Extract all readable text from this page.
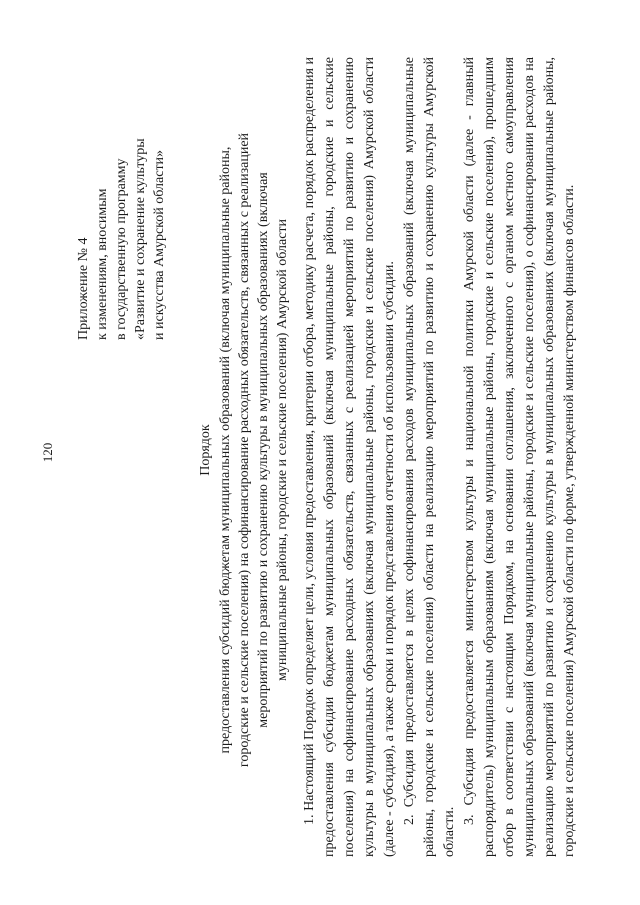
120
Приложение № 4 к изменениям, вносимым в государственную программу «Развитие и сохранение культуры и искусства Амурской области»
Порядок предоставления субсидий бюджетам муниципальных образований (включая муниципальные районы, городские и сельские поселения) на софинансирование расходных обязательств, связанных с реализацией мероприятий по развитию и сохранению культуры в муниципальных образованиях (включая муниципальные районы, городские и сельские поселения) Амурской области 1. Настоящий Порядок определяет цели, условия предоставления, критерии отбора, методику расчета, порядок распределения и предоставления субсидии бюджетам муниципальных образований (включая муниципальные районы, городские и сельские поселения) на софинансирование расходных обязательств, связанных с реализацией мероприятий по развитию и сохранению культуры в муниципальных образованиях (включая муниципальные районы, городские и сельские поселения) Амурской области (далее - субсидия), а также сроки и порядок представления отчетности об использовании субсидии. 2. Субсидия предоставляется в целях софинансирования расходов муниципальных образований (включая муниципальные районы, городские и сельские поселения) области на реализацию мероприятий по развитию и сохранению культуры Амурской области.

3. Субсидия предоставляется министерством культуры и национальной политики Амурской области (далее - главный распорядитель) муниципальным образованиям (включая муниципальные районы, городские и сельские поселения), прошедшим отбор в соответствии с настоящим Порядком, на основании соглашения, заключенного с органом местного самоуправления муниципальных образований (включая муниципальные районы, городские и сельские поселения), о софинансировании расходов на реализацию мероприятий по развитию и сохранению культуры в муниципальных образованиях (включая муниципальные районы, городские и сельские поселения) Амурской области по форме, утвержденной министерством финансов области.
